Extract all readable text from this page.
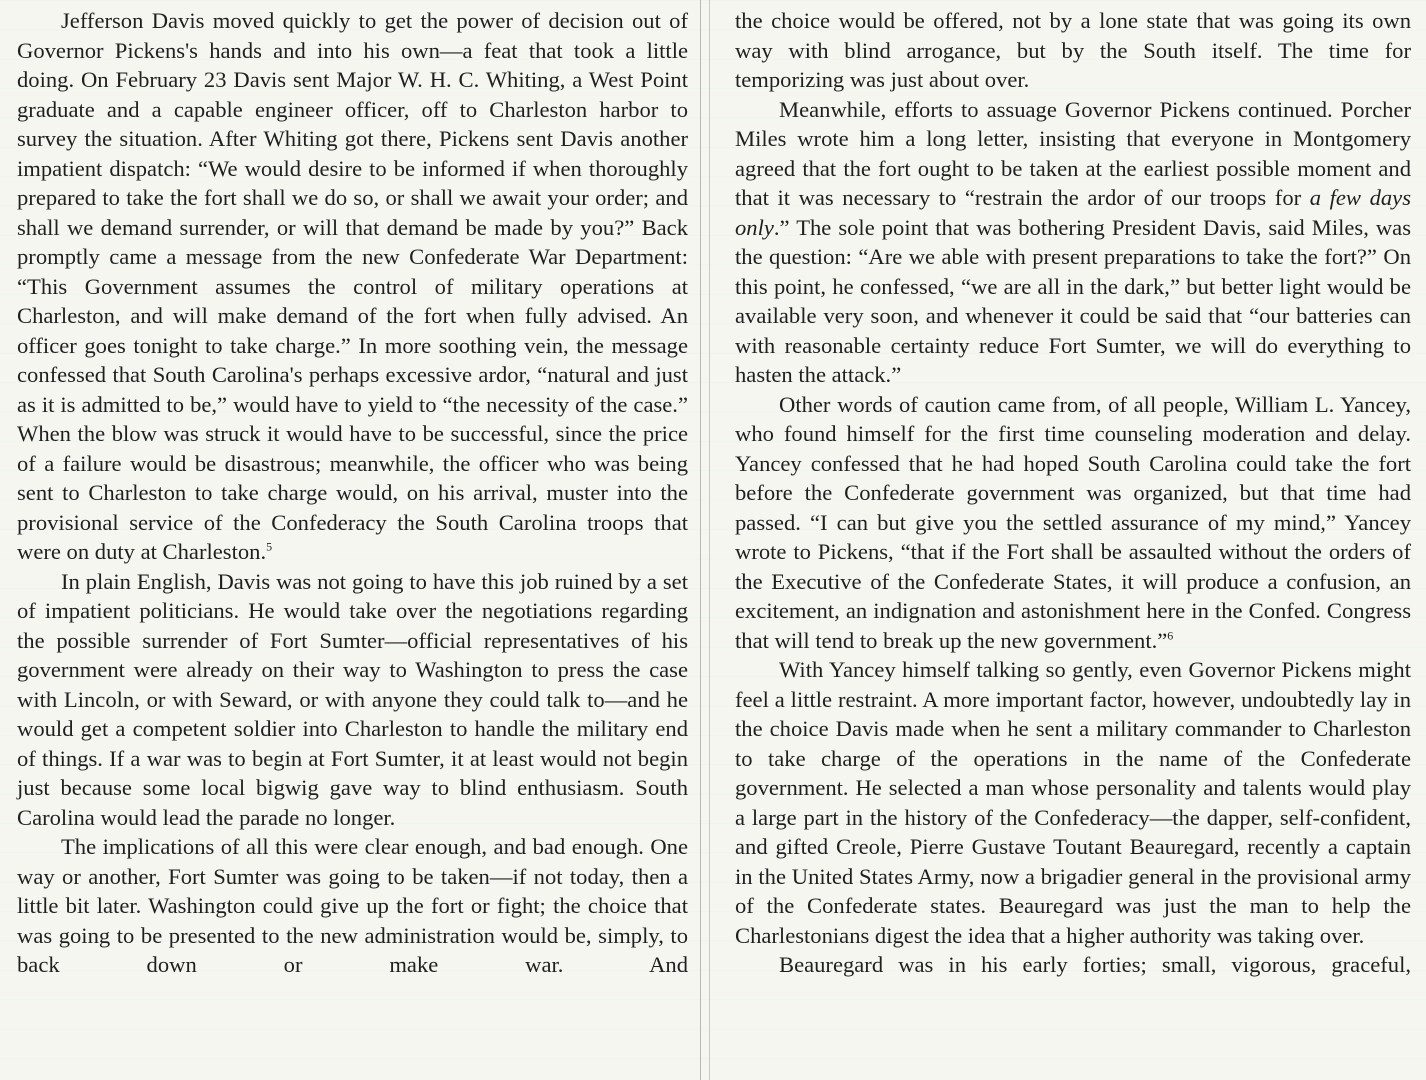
Jefferson Davis moved quickly to get the power of decision out of Governor Pickens's hands and into his own—a feat that took a little doing. On February 23 Davis sent Major W. H. C. Whiting, a West Point graduate and a capable engineer officer, off to Charleston harbor to survey the situation. After Whiting got there, Pickens sent Davis another impatient dispatch: “We would desire to be informed if when thoroughly prepared to take the fort shall we do so, or shall we await your order; and shall we demand surrender, or will that demand be made by you?” Back promptly came a message from the new Confederate War Department: “This Government assumes the control of military operations at Charleston, and will make demand of the fort when fully advised. An officer goes tonight to take charge.” In more soothing vein, the message confessed that South Carolina's perhaps excessive ardor, “natural and just as it is admitted to be,” would have to yield to “the necessity of the case.” When the blow was struck it would have to be successful, since the price of a failure would be disastrous; meanwhile, the officer who was being sent to Charleston to take charge would, on his arrival, muster into the provisional service of the Confederacy the South Carolina troops that were on duty at Charleston.$^5$

In plain English, Davis was not going to have this job ruined by a set of impatient politicians. He would take over the negotiations regarding the possible surrender of Fort Sumter—official representatives of his government were already on their way to Washington to press the case with Lincoln, or with Seward, or with anyone they could talk to—and he would get a competent soldier into Charleston to handle the military end of things. If a war was to begin at Fort Sumter, it at least would not begin just because some local bigwig gave way to blind enthusiasm. South Carolina would lead the parade no longer.

The implications of all this were clear enough, and bad enough. One way or another, Fort Sumter was going to be taken—if not today, then a little bit later. Washington could give up the fort or fight; the choice that was going to be presented to the new administration would be, simply, to back down or make war. And

the choice would be offered, not by a lone state that was going its own way with blind arrogance, but by the South itself. The time for temporizing was just about over.

Meanwhile, efforts to assuage Governor Pickens continued. Porcher Miles wrote him a long letter, insisting that everyone in Montgomery agreed that the fort ought to be taken at the earliest possible moment and that it was necessary to “restrain the ardor of our troops for a few days only.” The sole point that was bothering President Davis, said Miles, was the question: “Are we able with present preparations to take the fort?” On this point, he confessed, “we are all in the dark,” but better light would be available very soon, and whenever it could be said that “our batteries can with reasonable certainty reduce Fort Sumter, we will do everything to hasten the attack.”

Other words of caution came from, of all people, William L. Yancey, who found himself for the first time counseling moderation and delay. Yancey confessed that he had hoped South Carolina could take the fort before the Confederate government was organized, but that time had passed. “I can but give you the settled assurance of my mind,” Yancey wrote to Pickens, “that if the Fort shall be assaulted without the orders of the Executive of the Confederate States, it will produce a confusion, an excitement, an indignation and astonishment here in the Confed. Congress that will tend to break up the new government.”$^6$

With Yancey himself talking so gently, even Governor Pickens might feel a little restraint. A more important factor, however, undoubtedly lay in the choice Davis made when he sent a military commander to Charleston to take charge of the operations in the name of the Confederate government. He selected a man whose personality and talents would play a large part in the history of the Confederacy—the dapper, self-confident, and gifted Creole, Pierre Gustave Toutant Beauregard, recently a captain in the United States Army, now a brigadier general in the provisional army of the Confederate states. Beauregard was just the man to help the Charlestonians digest the idea that a higher authority was taking over.

Beauregard was in his early forties; small, vigorous, graceful,
